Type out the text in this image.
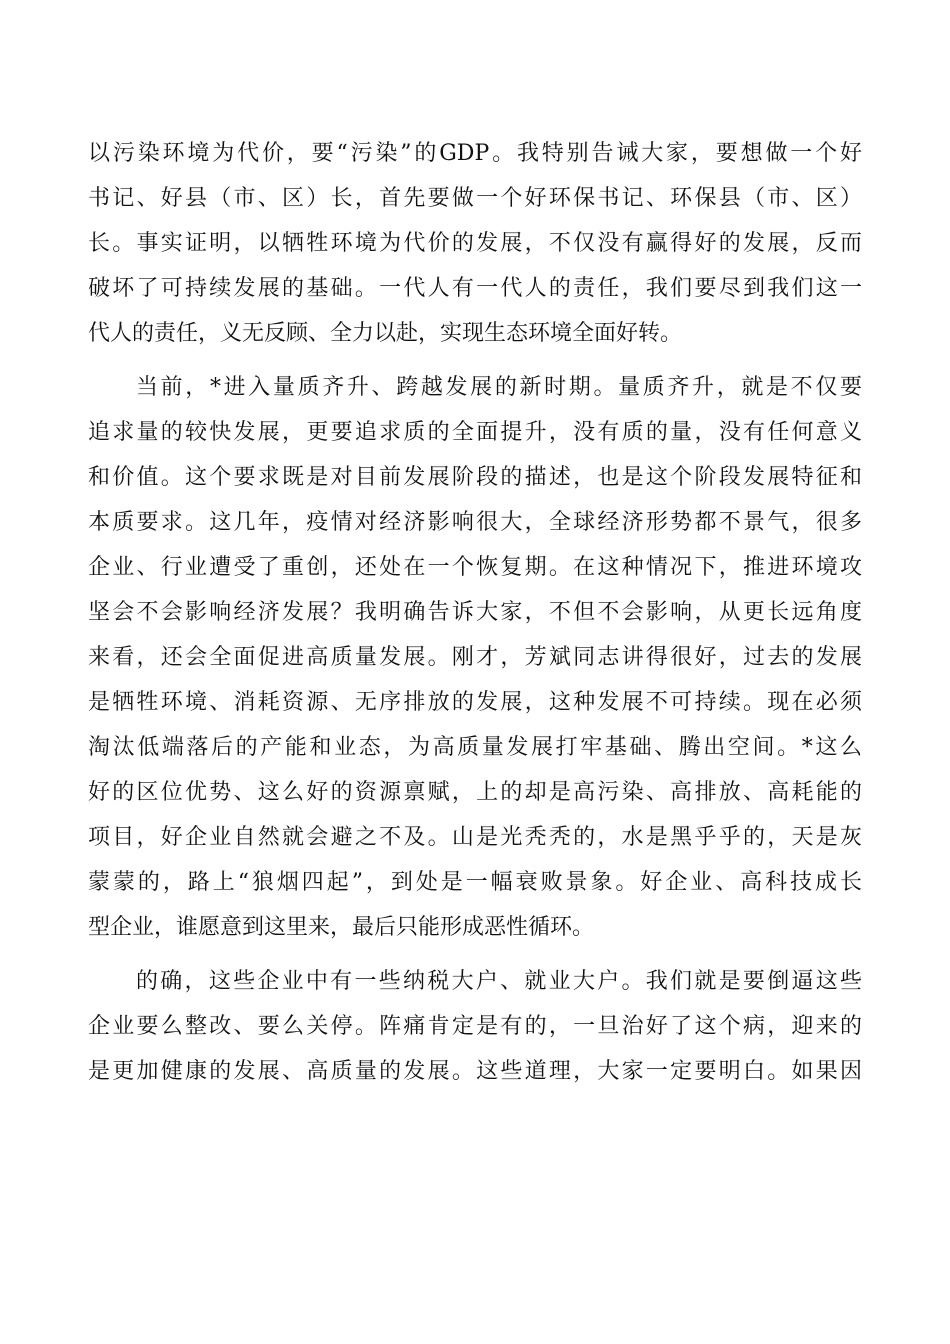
以污染环境为代价，要“污染”的GDP。我特别告诫大家，要想做一个好
书记、好县（市、区）长，首先要做一个好环保书记、环保县（市、区）
长。事实证明，以牺牲环境为代价的发展，不仅没有赢得好的发展，反而
破坏了可持续发展的基础。一代人有一代人的责任，我们要尽到我们这一
代人的责任，义无反顾、全力以赴，实现生态环境全面好转。
当前，*进入量质齐升、跨越发展的新时期。量质齐升，就是不仅要
追求量的较快发展，更要追求质的全面提升，没有质的量，没有任何意义
和价值。这个要求既是对目前发展阶段的描述，也是这个阶段发展特征和
本质要求。这几年，疫情对经济影响很大，全球经济形势都不景气，很多
企业、行业遭受了重创，还处在一个恢复期。在这种情况下，推进环境攻
坚会不会影响经济发展？我明确告诉大家，不但不会影响，从更长远角度
来看，还会全面促进高质量发展。刚才，芳斌同志讲得很好，过去的发展
是牺牲环境、消耗资源、无序排放的发展，这种发展不可持续。现在必须
淘汰低端落后的产能和业态，为高质量发展打牢基础、腾出空间。*这么
好的区位优势、这么好的资源禀赋，上的却是高污染、高排放、高耗能的
项目，好企业自然就会避之不及。山是光秃秃的，水是黑乎乎的，天是灰
蒙蒙的，路上“狼烟四起”，到处是一幅衰败景象。好企业、高科技成长
型企业，谁愿意到这里来，最后只能形成恶性循环。
的确，这些企业中有一些纳税大户、就业大户。我们就是要倒逼这些
企业要么整改、要么关停。阵痛肯定是有的，一旦治好了这个病，迎来的
是更加健康的发展、高质量的发展。这些道理，大家一定要明白。如果因
